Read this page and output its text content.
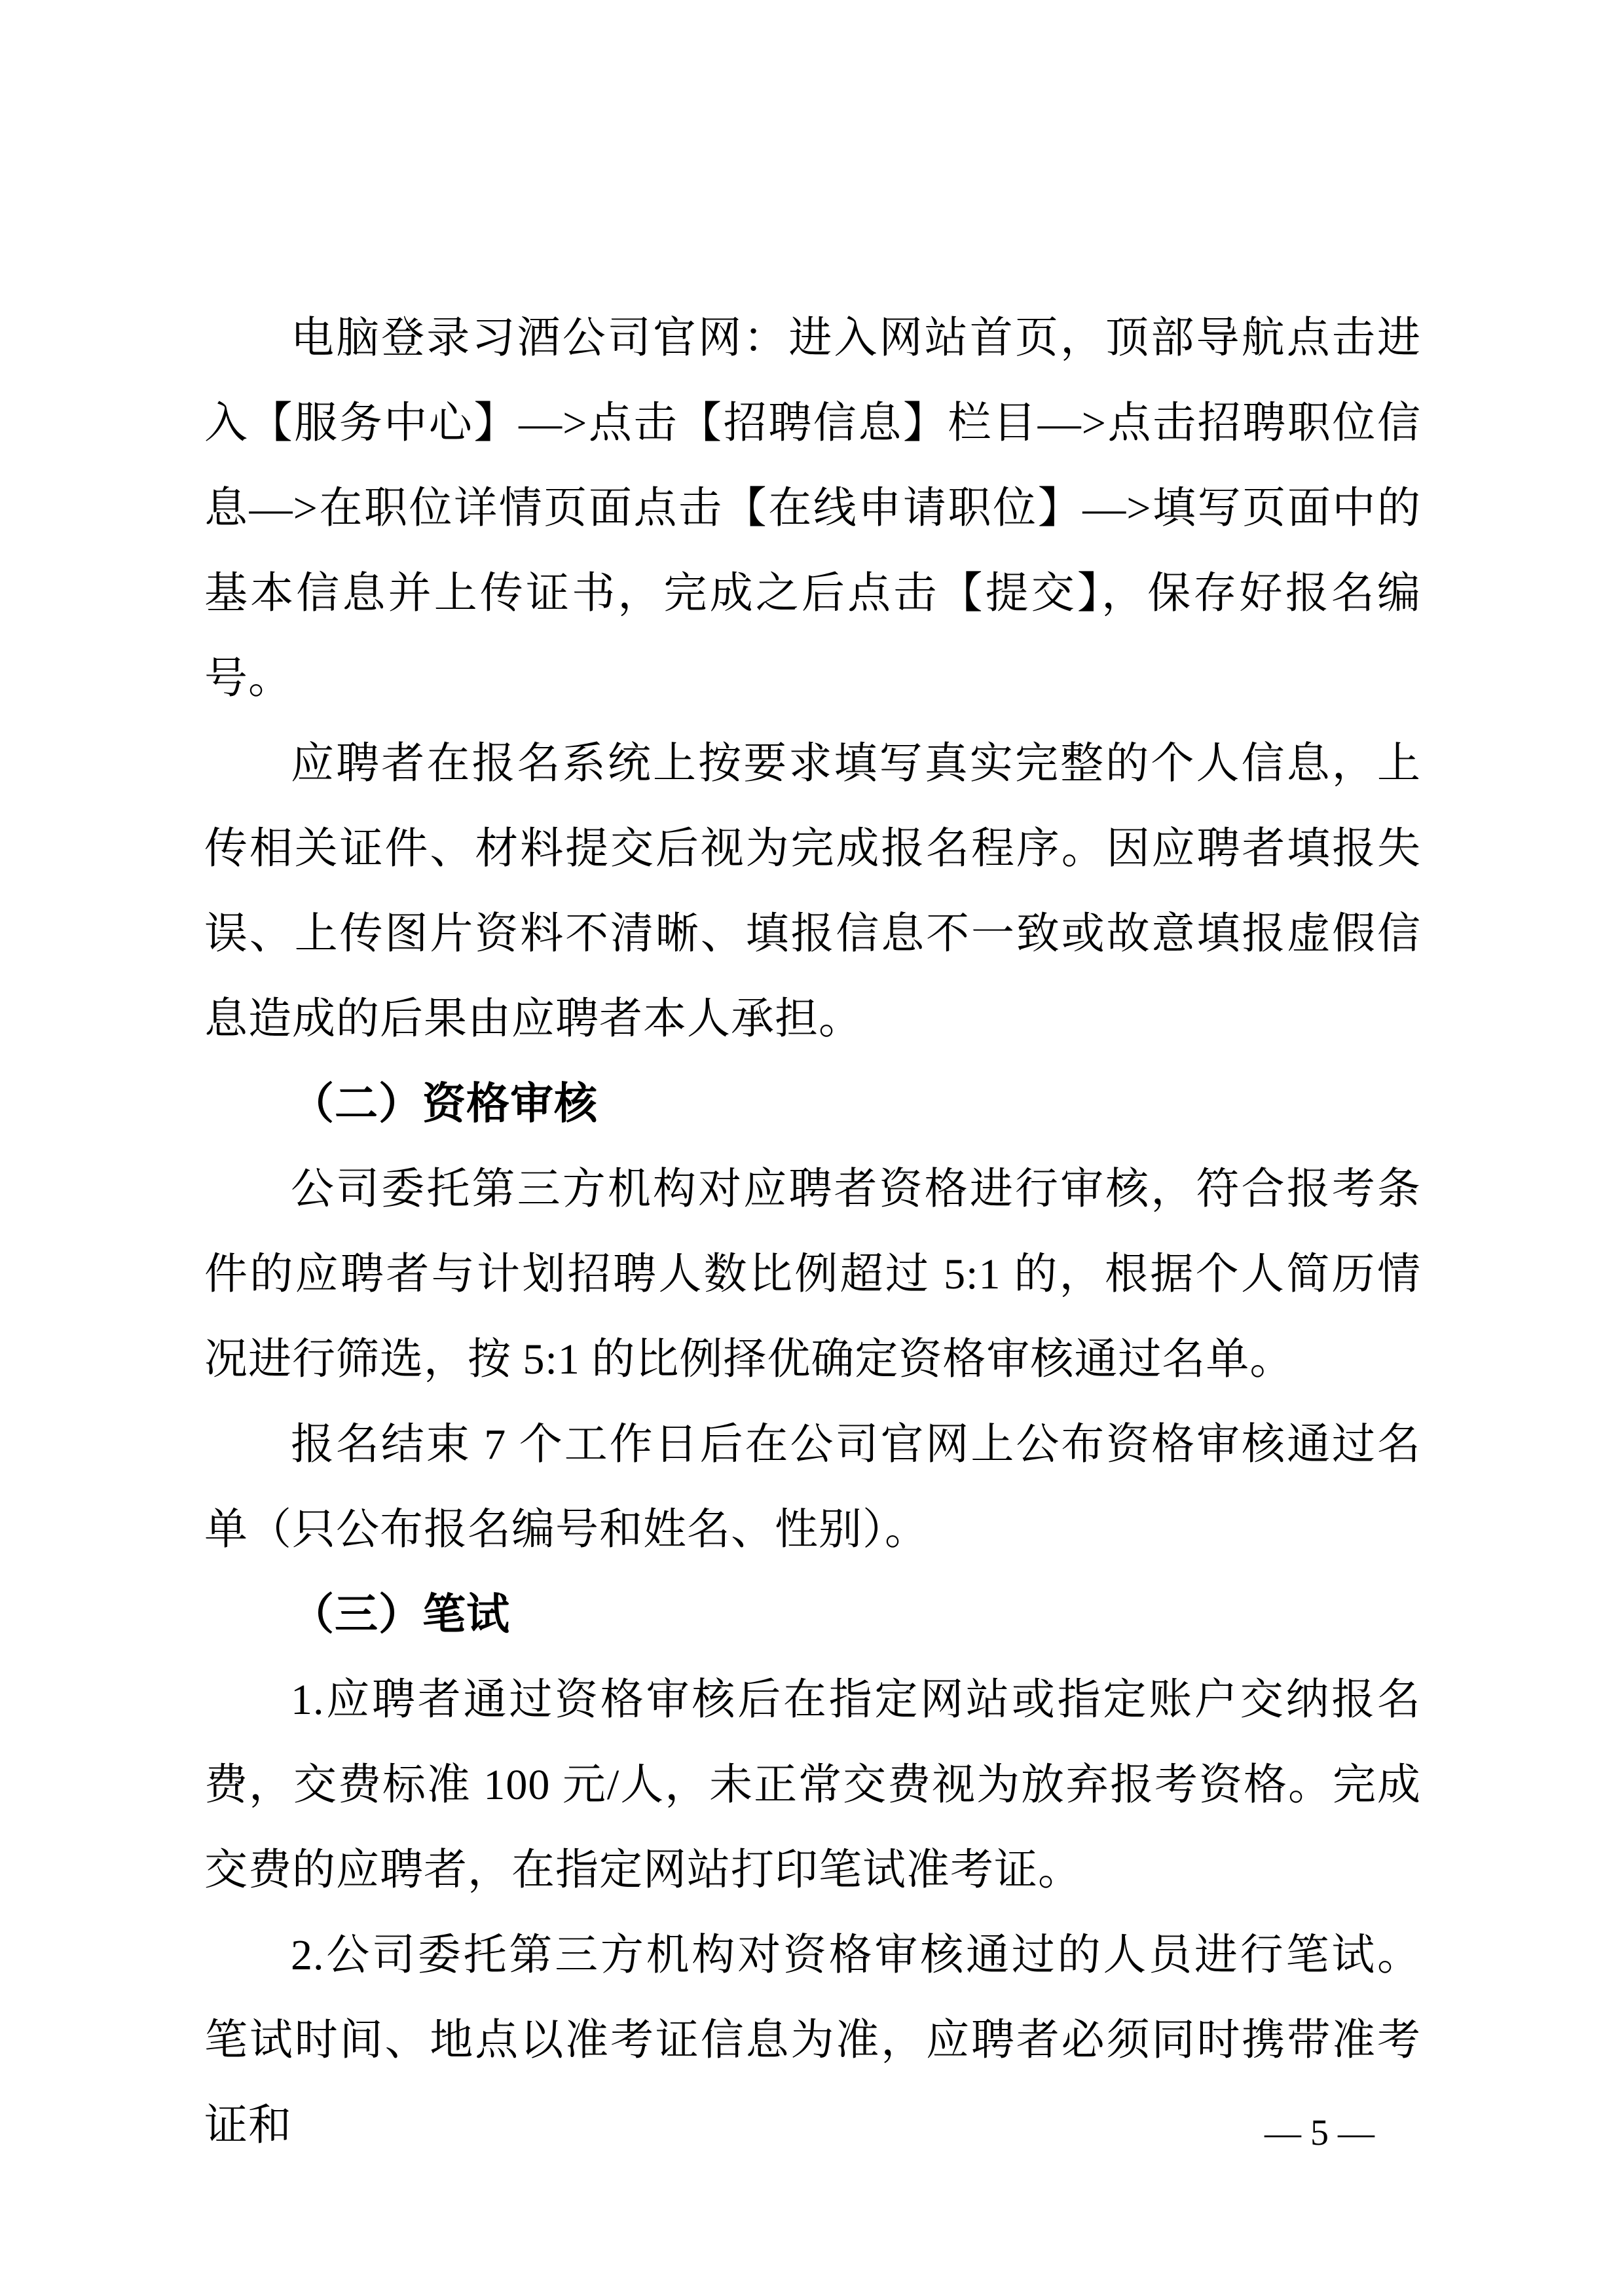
电脑登录习酒公司官网：进入网站首页，顶部导航点击进入【服务中心】—>点击【招聘信息】栏目—>点击招聘职位信息—>在职位详情页面点击【在线申请职位】—>填写页面中的基本信息并上传证书，完成之后点击【提交】，保存好报名编号。

应聘者在报名系统上按要求填写真实完整的个人信息，上传相关证件、材料提交后视为完成报名程序。因应聘者填报失误、上传图片资料不清晰、填报信息不一致或故意填报虚假信息造成的后果由应聘者本人承担。

（二）资格审核

公司委托第三方机构对应聘者资格进行审核，符合报考条件的应聘者与计划招聘人数比例超过 5:1 的，根据个人简历情况进行筛选，按 5:1 的比例择优确定资格审核通过名单。

报名结束 7 个工作日后在公司官网上公布资格审核通过名单（只公布报名编号和姓名、性别）。

（三）笔试

1.应聘者通过资格审核后在指定网站或指定账户交纳报名费，交费标准 100 元/人，未正常交费视为放弃报考资格。完成交费的应聘者，在指定网站打印笔试准考证。

2.公司委托第三方机构对资格审核通过的人员进行笔试。笔试时间、地点以准考证信息为准，应聘者必须同时携带准考证和	— 5 —
